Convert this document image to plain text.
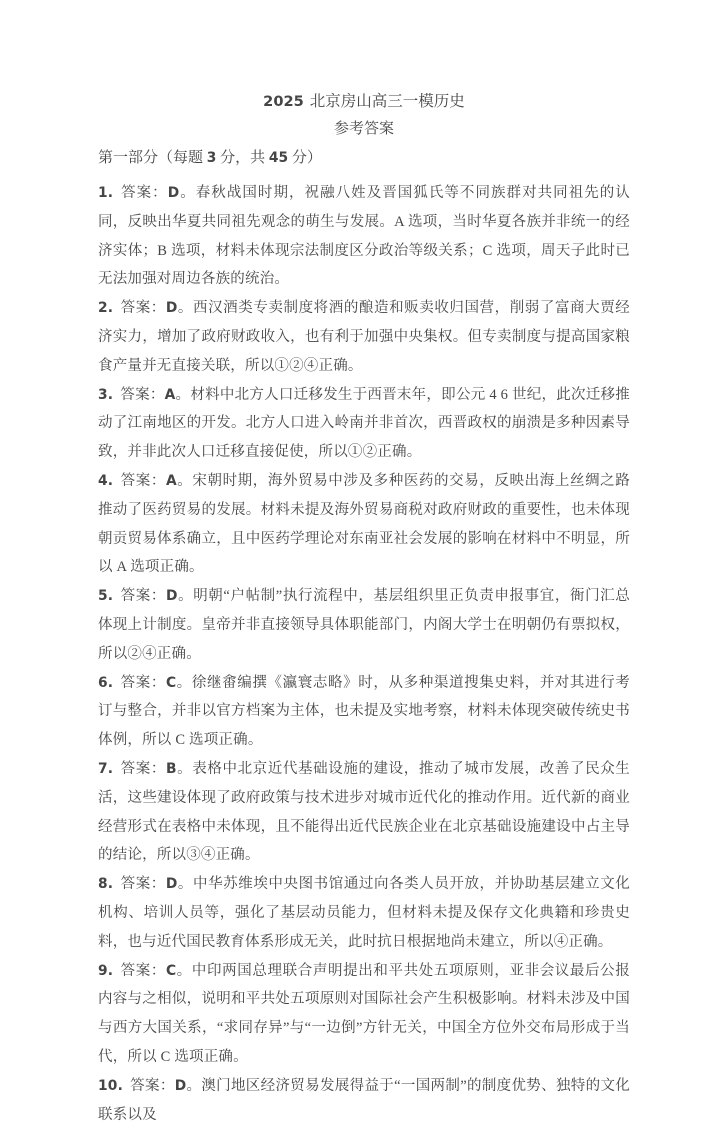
2025 北京房山高三一模历史

参考答案

第一部分（每题 3 分，共 45 分）

1. 答案：D。春秋战国时期，祝融八姓及晋国狐氏等不同族群对共同祖先的认同，反映出华夏共同祖先观念的萌生与发展。A 选项，当时华夏各族并非统一的经济实体；B 选项，材料未体现宗法制度区分政治等级关系；C 选项，周天子此时已无法加强对周边各族的统治。

2. 答案：D。西汉酒类专卖制度将酒的酿造和贩卖收归国营，削弱了富商大贾经济实力，增加了政府财政收入，也有利于加强中央集权。但专卖制度与提高国家粮食产量并无直接关联，所以①②④正确。

3. 答案：A。材料中北方人口迁移发生于西晋末年，即公元 4 6 世纪，此次迁移推动了江南地区的开发。北方人口进入岭南并非首次，西晋政权的崩溃是多种因素导致，并非此次人口迁移直接促使，所以①②正确。

4. 答案：A。宋朝时期，海外贸易中涉及多种医药的交易，反映出海上丝绸之路推动了医药贸易的发展。材料未提及海外贸易商税对政府财政的重要性，也未体现朝贡贸易体系确立，且中医药学理论对东南亚社会发展的影响在材料中不明显，所以 A 选项正确。

5. 答案：D。明朝“户帖制”执行流程中，基层组织里正负责申报事宜，衙门汇总体现上计制度。皇帝并非直接领导具体职能部门，内阁大学士在明朝仍有票拟权，所以②④正确。

6. 答案：C。徐继畬编撰《瀛寰志略》时，从多种渠道搜集史料，并对其进行考订与整合，并非以官方档案为主体，也未提及实地考察，材料未体现突破传统史书体例，所以 C 选项正确。

7. 答案：B。表格中北京近代基础设施的建设，推动了城市发展，改善了民众生活，这些建设体现了政府政策与技术进步对城市近代化的推动作用。近代新的商业经营形式在表格中未体现，且不能得出近代民族企业在北京基础设施建设中占主导的结论，所以③④正确。

8. 答案：D。中华苏维埃中央图书馆通过向各类人员开放，并协助基层建立文化机构、培训人员等，强化了基层动员能力，但材料未提及保存文化典籍和珍贵史料，也与近代国民教育体系形成无关，此时抗日根据地尚未建立，所以④正确。

9. 答案：C。中印两国总理联合声明提出和平共处五项原则，亚非会议最后公报内容与之相似，说明和平共处五项原则对国际社会产生积极影响。材料未涉及中国与西方大国关系，“求同存异”与“一边倒”方针无关，中国全方位外交布局形成于当代，所以 C 选项正确。

10. 答案：D。澳门地区经济贸易发展得益于“一国两制”的制度优势、独特的文化联系以及
